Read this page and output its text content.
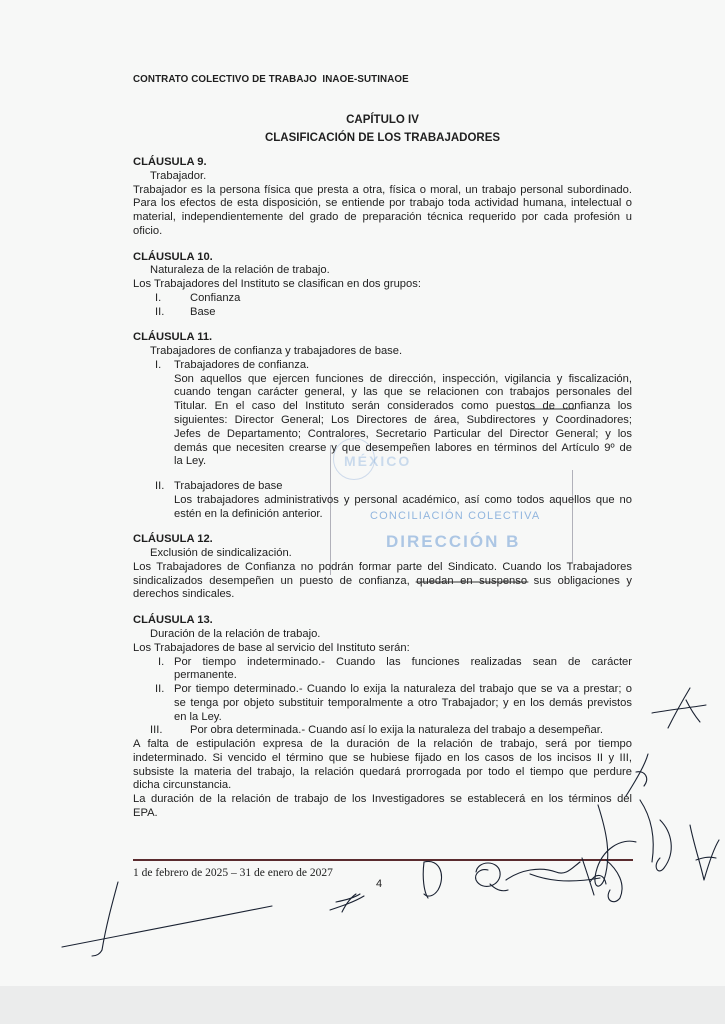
CONTRATO COLECTIVO DE TRABAJO  INAOE-SUTINAOE
CAPÍTULO IV
CLASIFICACIÓN DE LOS TRABAJADORES
MÉXICO
CONCILIACIÓN COLECTIVA
DIRECCIÓN B
CLÁUSULA 9.
Trabajador.
Trabajador es la persona física que presta a otra, física o moral, un trabajo personal subordinado.
Para los efectos de esta disposición, se entiende por trabajo toda actividad humana, intelectual o
material, independientemente del grado de preparación técnica requerido por cada profesión u
oficio.
CLÁUSULA 10.
Naturaleza de la relación de trabajo.
Los Trabajadores del Instituto se clasifican en dos grupos:
I.	Confianza
II. Base
CLÁUSULA 11.
Trabajadores de confianza y trabajadores de base.
I. Trabajadores de confianza.
Son aquellos que ejercen funciones de dirección, inspección, vigilancia y fiscalización,
cuando tengan carácter general, y las que se relacionen con trabajos personales del
Titular. En el caso del Instituto serán considerados como puestos de confianza los
siguientes: Director General; Los Directores de área, Subdirectores y Coordinadores;
Jefes de Departamento; Contralores, Secretario Particular del Director General; y los
demás que necesiten crearse y que desempeñen labores en términos del Artículo 9º de
la Ley.
II. Trabajadores de base
Los trabajadores administrativos y personal académico, así como todos aquellos que no
estén en la definición anterior.
CLÁUSULA 12.
Exclusión de sindicalización.
Los Trabajadores de Confianza no podrán formar parte del Sindicato. Cuando los Trabajadores
sindicalizados desempeñen un puesto de confianza, quedan en suspenso sus obligaciones y
derechos sindicales.
CLÁUSULA 13.
Duración de la relación de trabajo.
Los Trabajadores de base al servicio del Instituto serán:
I. Por tiempo indeterminado.- Cuando las funciones realizadas sean de carácter
permanente.
II. Por tiempo determinado.- Cuando lo exija la naturaleza del trabajo que se va a prestar; o
se tenga por objeto substituir temporalmente a otro Trabajador; y en los demás previstos
en la Ley.
III. Por obra determinada.- Cuando así lo exija la naturaleza del trabajo a desempeñar.
A falta de estipulación expresa de la duración de la relación de trabajo, será por tiempo
indeterminado. Si vencido el término que se hubiese fijado en los casos de los incisos II y III,
subsiste la materia del trabajo, la relación quedará prorrogada por todo el tiempo que perdure
dicha circunstancia.
La duración de la relación de trabajo de los Investigadores se establecerá en los términos del
EPA.
1 de febrero de 2025 – 31 de enero de 2027
4
